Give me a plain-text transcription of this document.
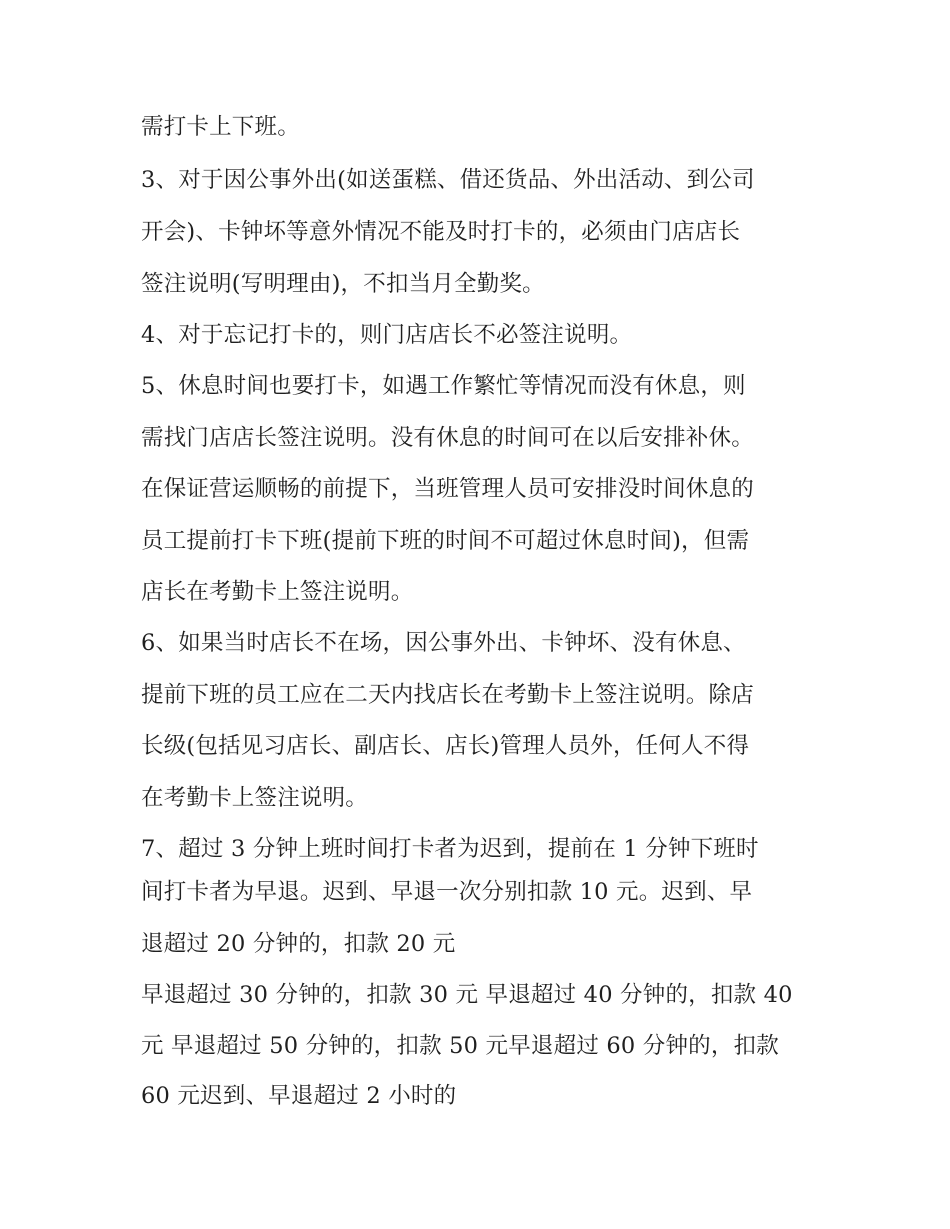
需打卡上下班。
3、对于因公事外出(如送蛋糕、借还货品、外出活动、到公司
开会)、卡钟坏等意外情况不能及时打卡的，必须由门店店长
签注说明(写明理由)，不扣当月全勤奖。
4、对于忘记打卡的，则门店店长不必签注说明。
5、休息时间也要打卡，如遇工作繁忙等情况而没有休息，则
需找门店店长签注说明。没有休息的时间可在以后安排补休。
在保证营运顺畅的前提下，当班管理人员可安排没时间休息的
员工提前打卡下班(提前下班的时间不可超过休息时间)，但需
店长在考勤卡上签注说明。
6、如果当时店长不在场，因公事外出、卡钟坏、没有休息、
提前下班的员工应在二天内找店长在考勤卡上签注说明。除店
长级(包括见习店长、副店长、店长)管理人员外，任何人不得
在考勤卡上签注说明。
7、超过 3 分钟上班时间打卡者为迟到，提前在 1 分钟下班时
间打卡者为早退。迟到、早退一次分别扣款 10 元。迟到、早
退超过 20 分钟的，扣款 20 元
早退超过 30 分钟的，扣款 30 元 早退超过 40 分钟的，扣款 40
元 早退超过 50 分钟的，扣款 50 元早退超过 60 分钟的，扣款
60 元迟到、早退超过 2 小时的
